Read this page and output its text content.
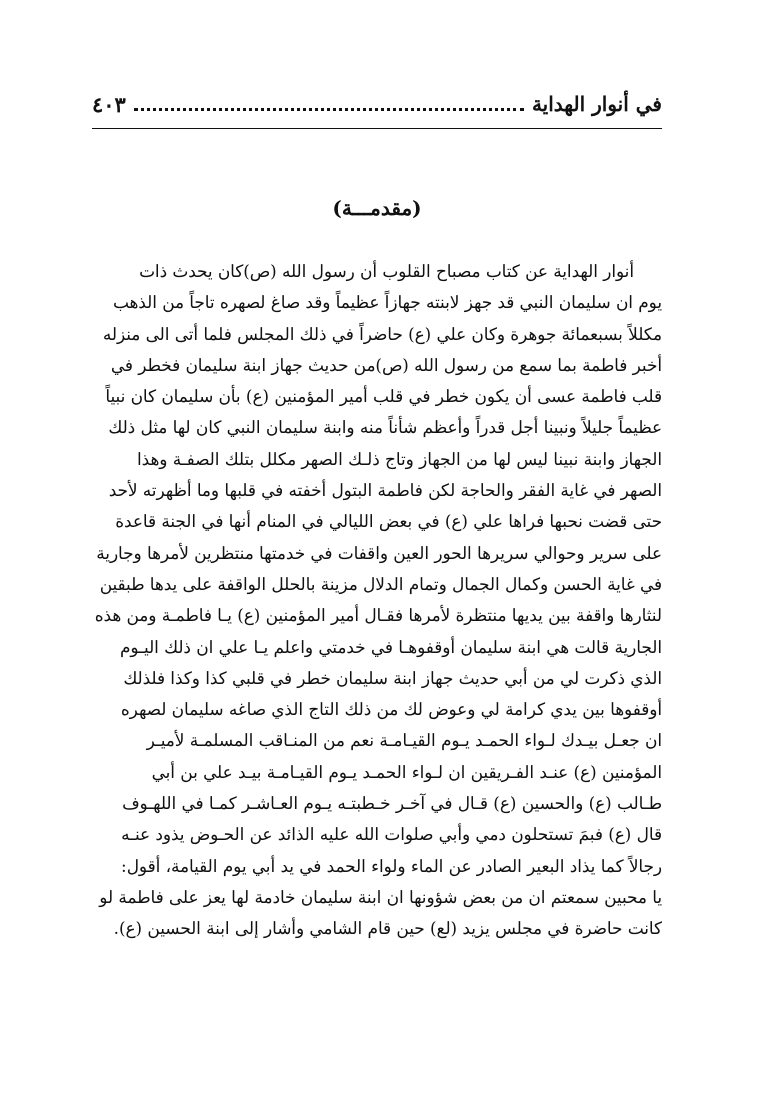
في أنوار الهداية
٤٠٣
(مقدمـــة)
أنوار الهداية عن كتاب مصباح القلوب أن رسول الله (ص)كان يحدث ذات
يوم ان سليمان النبي قد جهز لابنته جهازاً عظيماً وقد صاغ لصهره تاجاً من الذهب
مكللاً بسبعمائة جوهرة وكان علي (ع) حاضراً في ذلك المجلس فلما أتى الى منزله
أخبر فاطمة بما سمع من رسول الله (ص)من حديث جهاز ابنة سليمان فخطر في
قلب فاطمة عسى أن يكون خطر في قلب أمير المؤمنين (ع) بأن سليمان كان نبياً
عظيماً جليلاً ونبينا أجل قدراً وأعظم شأناً منه وابنة سليمان النبي كان لها مثل ذلك
الجهاز وابنة نبينا ليس لها من الجهاز وتاج ذلـك الصهر مكلل بتلك الصفـة وهذا
الصهر في غاية الفقر والحاجة لكن فاطمة البتول أخفته في قلبها وما أظهرته لأحد
حتى قضت نحبها فراها علي (ع) في بعض الليالي في المنام أنها في الجنة قاعدة
على سرير وحوالي سريرها الحور العين واقفات في خدمتها منتظرين لأمرها وجارية
في غاية الحسن وكمال الجمال وتمام الدلال مزينة بالحلل الواقفة على يدها طبقين
لنثارها واقفة بين يديها منتظرة لأمرها فقـال أمير المؤمنين (ع) يـا فاطمـة ومن هذه
الجارية قالت هي ابنة سليمان أوقفوهـا في خدمتي واعلم يـا علي ان ذلك اليـوم
الذي ذكرت لي من أبي حديث جهاز ابنة سليمان خطر في قلبي كذا وكذا فلذلك
أوقفوها بين يدي كرامة لي وعوض لك من ذلك التاج الذي صاغه سليمان لصهره
ان جعـل بيـدك لـواء الحمـد يـوم القيـامـة نعم من المنـاقب المسلمـة لأميـر
المؤمنين (ع) عنـد الفـريقين ان لـواء الحمـد يـوم القيـامـة بيـد علي بن أبي
طـالب (ع) والحسين (ع) قـال في آخـر خـطبتـه يـوم العـاشـر كمـا في اللهـوف
قال (ع) فبمَ تستحلون دمي وأبي صلوات الله عليه الذائد عن الحـوض يذود عنـه
رجالاً كما يذاد البعير الصادر عن الماء ولواء الحمد في يد أبي يوم القيامة، أقول:
يا محبين سمعتم ان من بعض شؤونها ان ابنة سليمان خادمة لها يعز على فاطمة لو
كانت حاضرة في مجلس يزيد (لع) حين قام الشامي وأشار إلى ابنة الحسين (ع).
